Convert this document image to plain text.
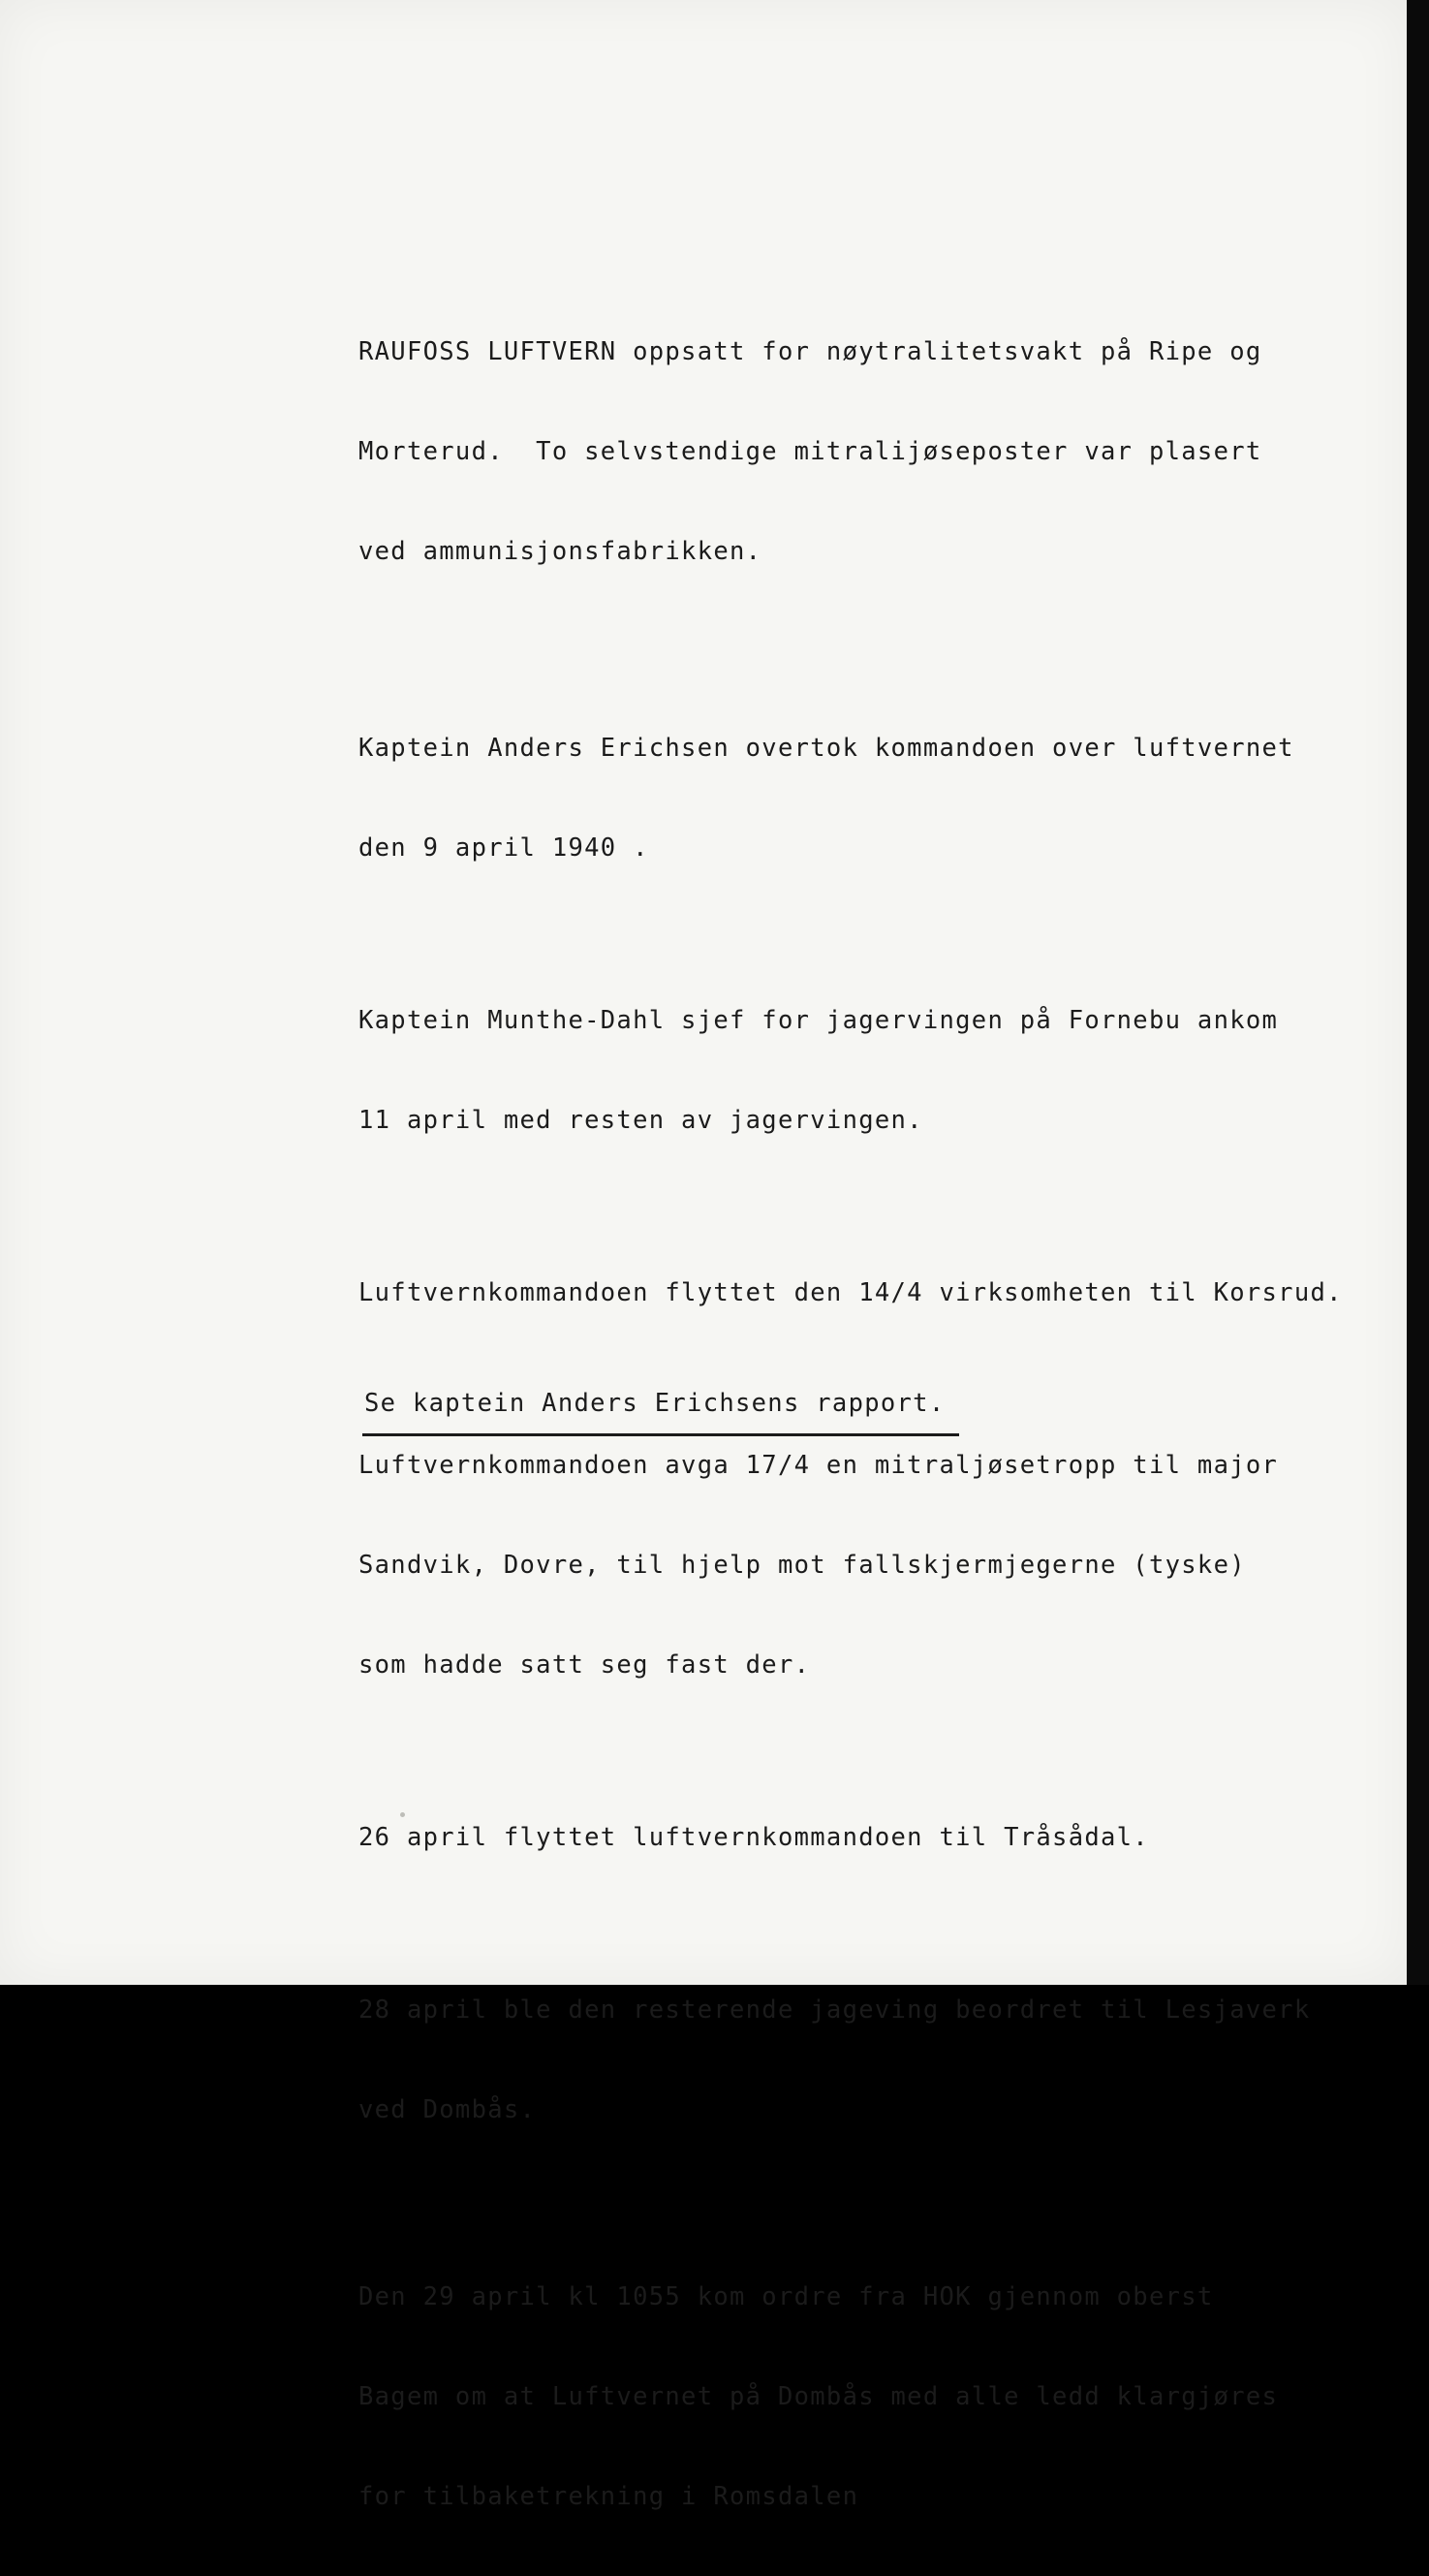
RAUFOSS LUFTVERN oppsatt for nøytralitetsvakt på Ripe og

Morterud.  To selvstendige mitralijøseposter var plasert

ved ammunisjonsfabrikken.

Kaptein Anders Erichsen overtok kommandoen over luftvernet

den 9 april 1940 .

Kaptein Munthe-Dahl sjef for jagervingen på Fornebu ankom

11 april med resten av jagervingen.

Luftvernkommandoen flyttet den 14/4 virksomheten til Korsrud.

Luftvernkommandoen avga 17/4 en mitraljøsetropp til major

Sandvik, Dovre, til hjelp mot fallskjermjegerne (tyske)

som hadde satt seg fast der.

26 april flyttet luftvernkommandoen til Tråsådal.

28 april ble den resterende jageving beordret til Lesjaverk

ved Dombås.

Den 29 april kl 1055 kom ordre fra HOK gjennom oberst

Bagem om at Luftvernet på Dombås med alle ledd klargjøres

for tilbaketrekning i Romsdalen

Se kaptein Anders Erichsens rapport.
